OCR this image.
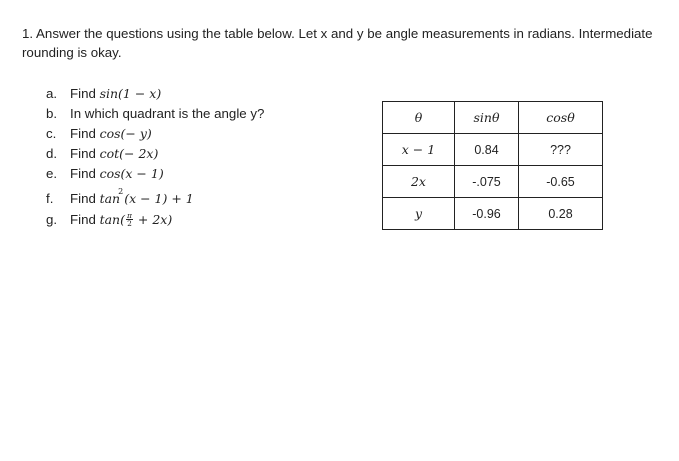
1. Answer the questions using the table below. Let x and y be angle measurements in radians. Intermediate rounding is okay.
a. Find
sin(1 − x)
b. In which quadrant is the angle y?
c.	Find
cos(− y)
d. Find
cot(− 2x)
e. Find
cos(x − 1)
f.	Find
$\tan^2(x - 1) + 1$
g. Find
$\tan( \frac{\pi}{2} + 2x)$
θ	sinθ	cosθ
x − 1	0.84	???
2x	-.075	-0.65
y	-0.96	0.28
